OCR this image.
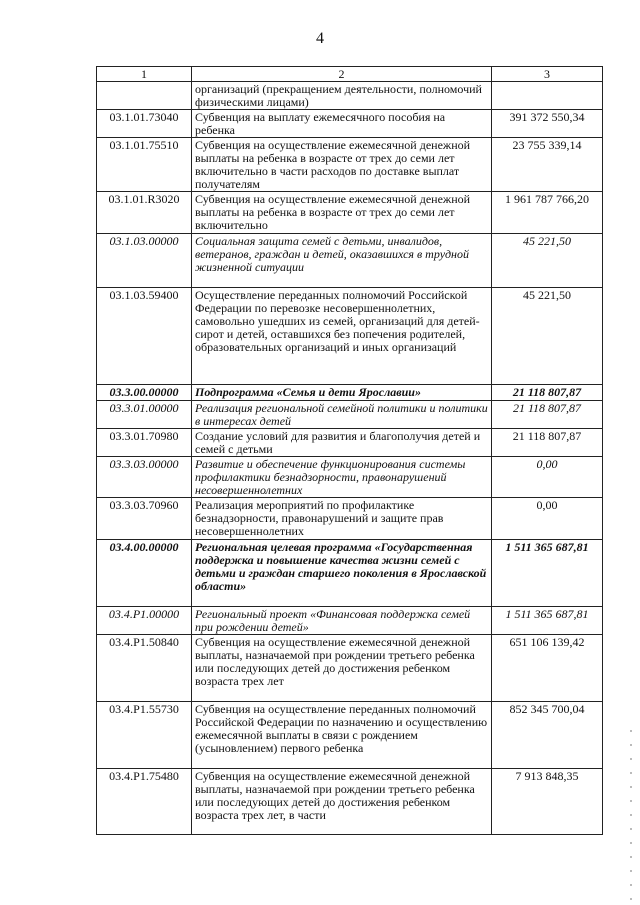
4
1	2	3
	организаций (прекращением деятельности, полномочий физическими лицами)	
03.1.01.73040	Субвенция на выплату ежемесячного пособия на ребенка	391 372 550,34
03.1.01.75510	Субвенция на осуществление ежемесячной денежной выплаты на ребенка в возрасте от трех до семи лет включительно в части расходов по доставке выплат получателям	23 755 339,14
03.1.01.R3020	Субвенция на осуществление ежемесячной денежной выплаты на ребенка в возрасте от трех до семи лет включительно	1 961 787 766,20
03.1.03.00000	Социальная защита семей с детьми, инвалидов, ветеранов, граждан и детей, оказавшихся в трудной жизненной ситуации	45 221,50
03.1.03.59400	Осуществление переданных полномочий Российской Федерации по перевозке несовершеннолетних, самовольно ушедших из семей, организаций для детей-сирот и детей, оставшихся без попечения родителей, образовательных организаций и иных организаций	45 221,50
03.3.00.00000	Подпрограмма «Семья и дети Ярославии»	21 118 807,87
03.3.01.00000	Реализация региональной семейной политики и политики в интересах детей	21 118 807,87
03.3.01.70980	Создание условий для развития и благополучия детей и семей с детьми	21 118 807,87
03.3.03.00000	Развитие и обеспечение функционирования системы профилактики безнадзорности, правонарушений несовершеннолетних	0,00
03.3.03.70960	Реализация мероприятий по профилактике безнадзорности, правонарушений и защите прав несовершеннолетних	0,00
03.4.00.00000	Региональная целевая программа «Государственная поддержка и повышение качества жизни семей с детьми и граждан старшего поколения в Ярославской области»	1 511 365 687,81
03.4.P1.00000	Региональный проект «Финансовая поддержка семей при рождении детей»	1 511 365 687,81
03.4.P1.50840	Субвенция на осуществление ежемесячной денежной выплаты, назначаемой при рождении третьего ребенка или последующих детей до достижения ребенком возраста трех лет	651 106 139,42
03.4.P1.55730	Субвенция на осуществление переданных полномочий Российской Федерации по назначению и осуществлению ежемесячной выплаты в связи с рождением (усыновлением) первого ребенка	852 345 700,04
03.4.P1.75480	Субвенция на осуществление ежемесячной денежной выплаты, назначаемой при рождении третьего ребенка или последующих детей до достижения ребенком возраста трех лет, в части	7 913 848,35
